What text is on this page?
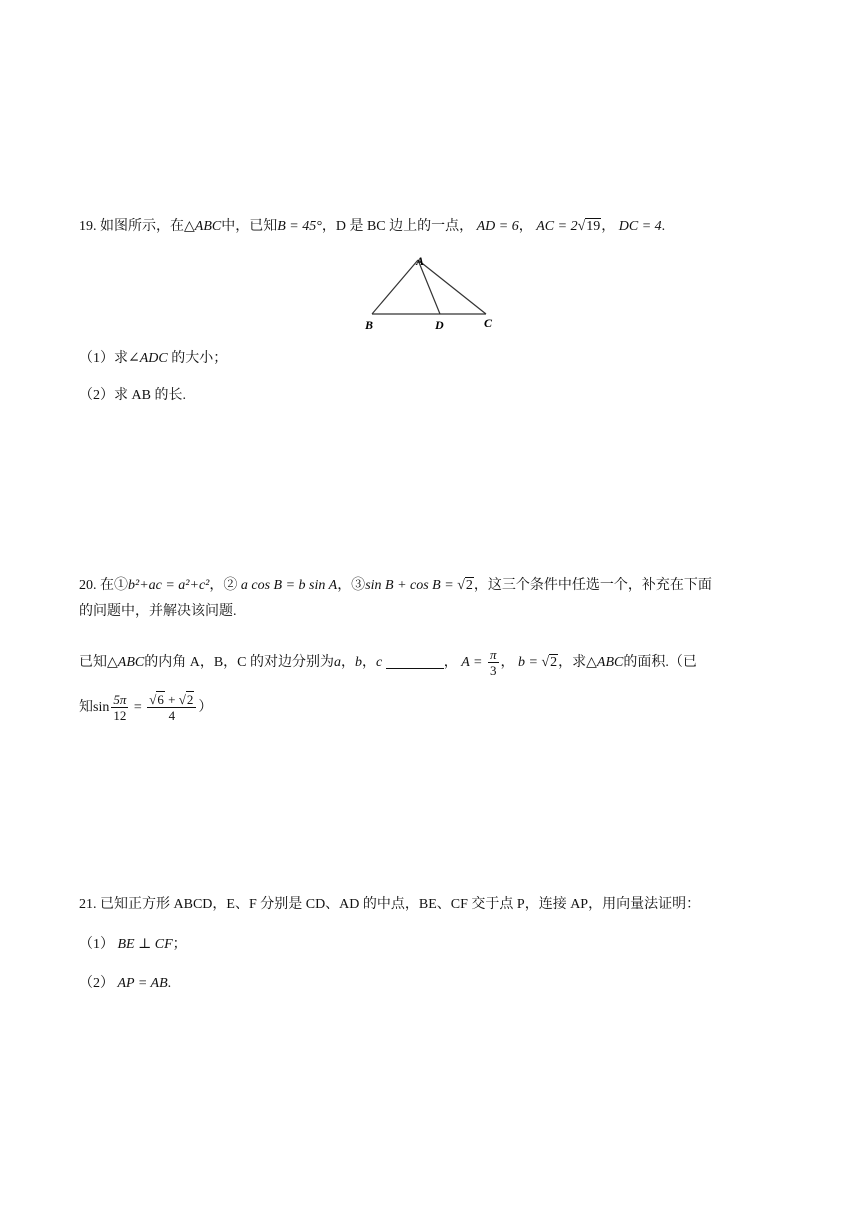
19. 如图所示，在△ABC中，已知B = 45°，D 是 BC 边上的一点， AD = 6， AC = 2√19， DC = 4.
A
B	D	C
（1）求∠ADC 的大小；
（2）求 AB 的长.
20. 在①b²+ac = a²+c²，② a cos B = b sin A，③sin B + cos B = √2，这三个条件中任选一个，补充在下面
的问题中，并解决该问题.
已知△ABC的内角 A，B，C 的对边分别为a，b，c	， $A = \frac{\pi}{3}$ ， b = √2，求△ABC的面积.（已
知$\sin \frac{5\pi}{12} = \frac{√6 + √2}{4}$ ）
21. 已知正方形 ABCD，E、F 分别是 CD、AD 的中点，BE、CF 交于点 P，连接 AP，用向量法证明：
（1） BE ⊥ CF；
（2） AP = AB.
